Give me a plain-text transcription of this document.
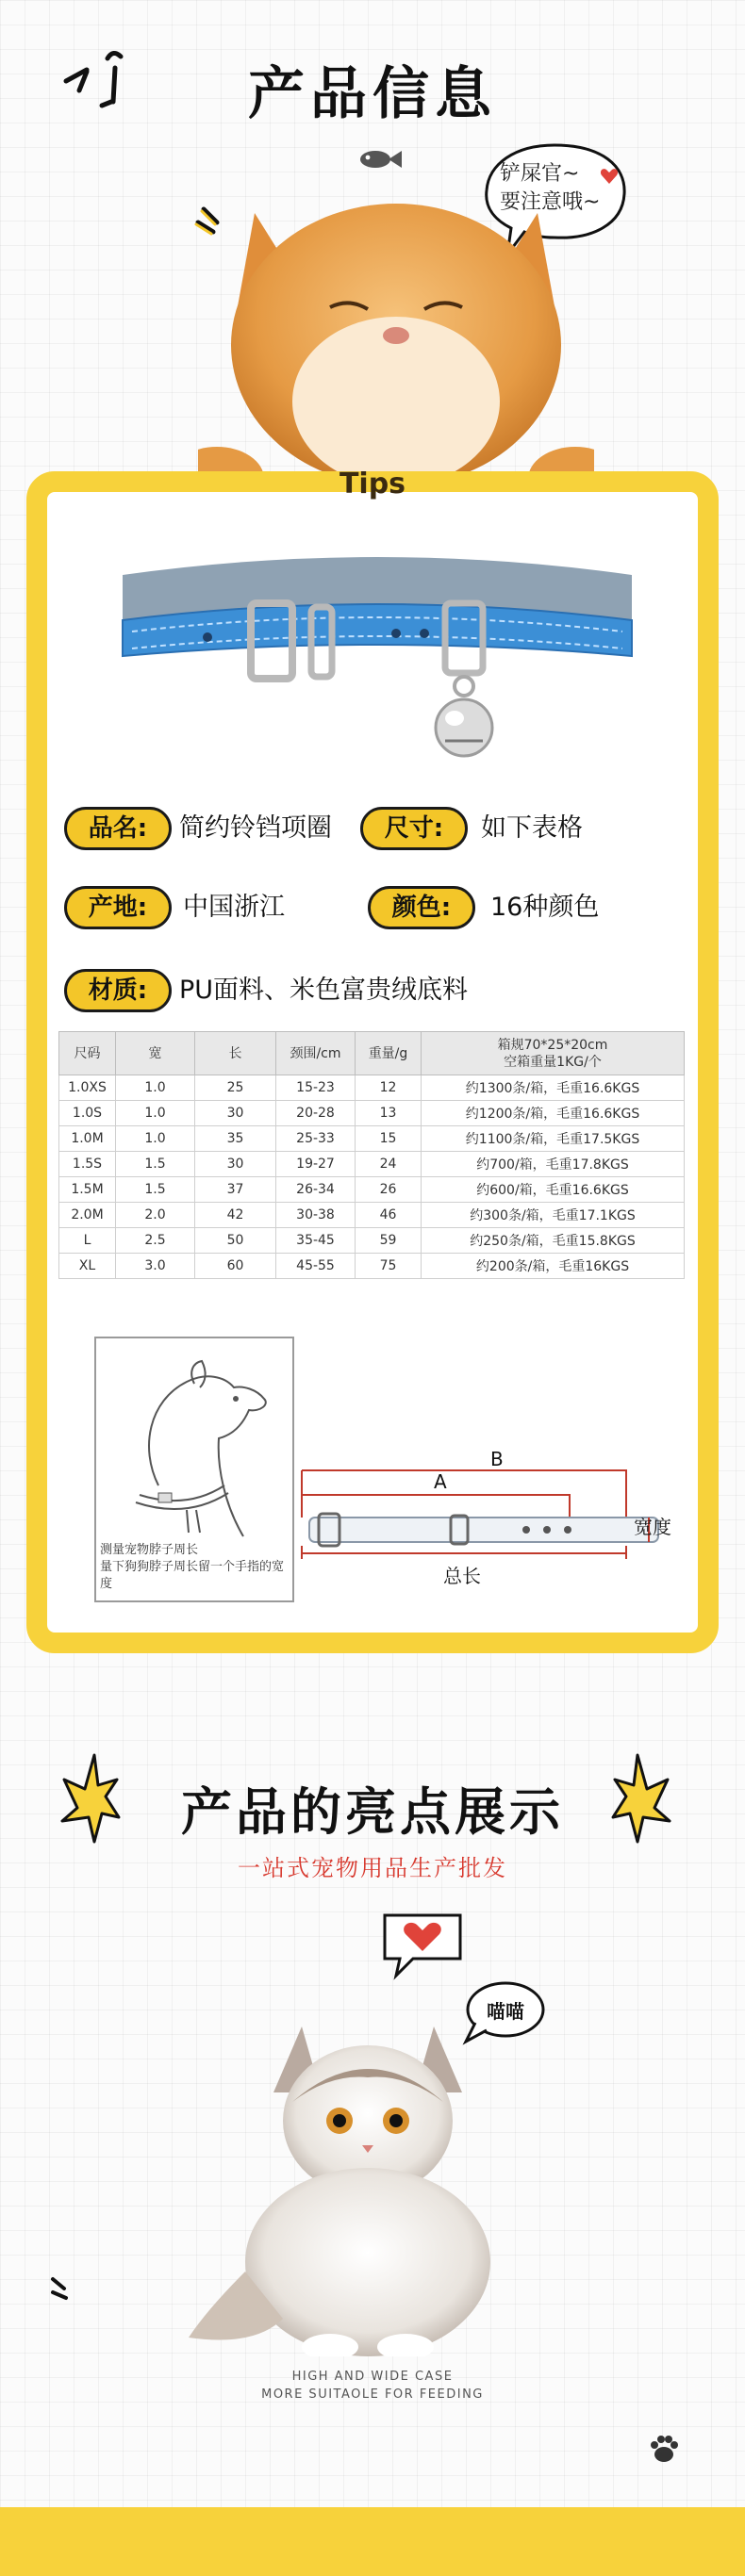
产品信息
铲屎官~
要注意哦~
Tips
品名:	简约铃铛项圈	尺寸:	如下表格
产地:	中国浙江	颜色:	16种颜色
材质:	PU面料、米色富贵绒底料
尺码	宽	长	颈围/cm	重量/g	箱规70*25*20cm
空箱重量1KG/个

1.0XS	1.0	25	15-23	12	约1300条/箱，毛重16.6KGS
1.0S	1.0	30	20-28	13	约1200条/箱，毛重16.6KGS
1.0M	1.0	35	25-33	15	约1100条/箱，毛重17.5KGS
1.5S	1.5	30	19-27	24	约700/箱，毛重17.8KGS
1.5M	1.5	37	26-34	26	约600/箱，毛重16.6KGS
2.0M	2.0	42	30-38	46	约300条/箱，毛重17.1KGS
L	2.5	50	35-45	59	约250条/箱，毛重15.8KGS
XL	3.0	60	45-55	75	约200条/箱，毛重16KGS
测量宠物脖子周长
量下狗狗脖子周长留一个手指的宽度
B
A
宽度
总长
产品的亮点展示
一站式宠物用品生产批发
喵喵
HIGH AND WIDE CASE
MORE SUITAOLE FOR FEEDING
